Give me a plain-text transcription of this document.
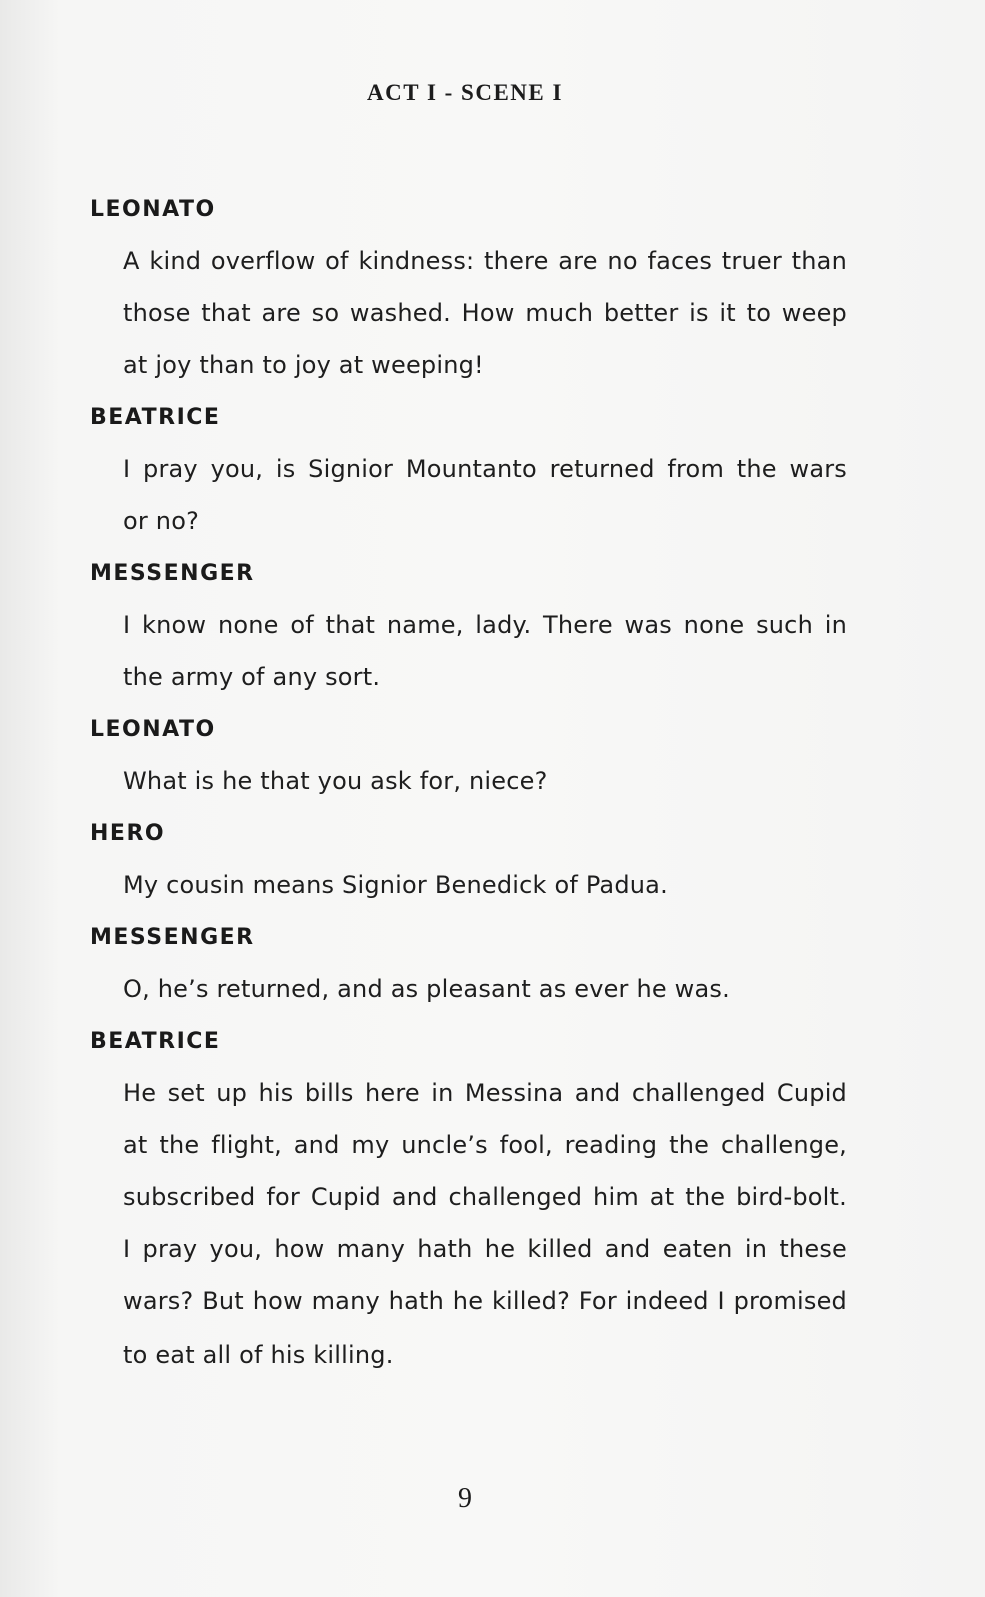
ACT I - SCENE I
LEONATO
A kind overflow of kindness: there are no faces truer than
those that are so washed. How much better is it to weep
at joy than to joy at weeping!
BEATRICE
I pray you, is Signior Mountanto returned from the wars
or no?
MESSENGER
I know none of that name, lady. There was none such in
the army of any sort.
LEONATO
What is he that you ask for, niece?
HERO
My cousin means Signior Benedick of Padua.
MESSENGER
O, he’s returned, and as pleasant as ever he was.
BEATRICE
He set up his bills here in Messina and challenged Cupid
at the flight, and my uncle’s fool, reading the challenge,
subscribed for Cupid and challenged him at the bird-bolt.
I pray you, how many hath he killed and eaten in these
wars? But how many hath he killed? For indeed I promised
to eat all of his killing.
9
